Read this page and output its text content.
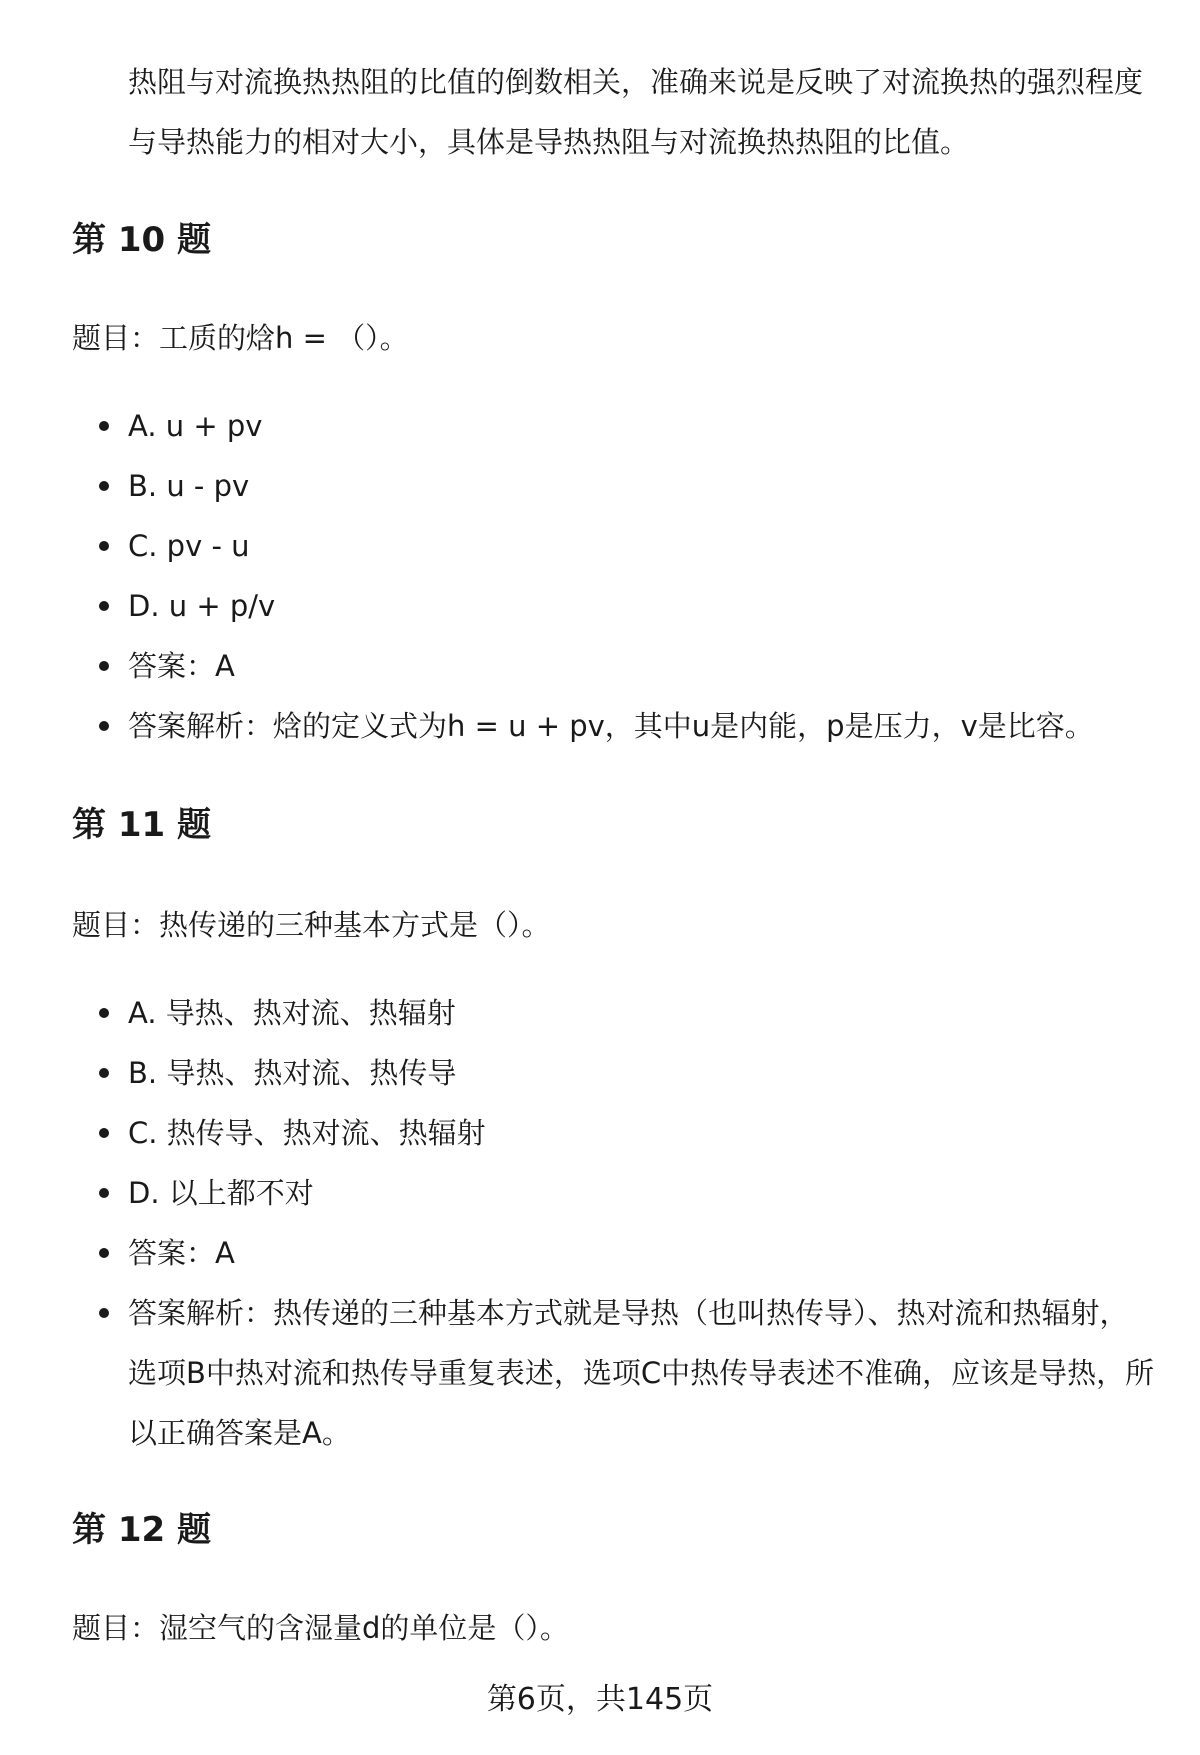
热阻与对流换热热阻的比值的倒数相关，准确来说是反映了对流换热的强烈程度与导热能力的相对大小，具体是导热热阻与对流换热热阻的比值。

第 10 题

题目：工质的焓h = （）。

A. u + pv
B. u - pv
C. pv - u
D. u + p/v
答案：A
答案解析：焓的定义式为h = u + pv，其中u是内能，p是压力，v是比容。
第 11 题

题目：热传递的三种基本方式是（）。

A. 导热、热对流、热辐射
B. 导热、热对流、热传导
C. 热传导、热对流、热辐射
D. 以上都不对
答案：A
答案解析：热传递的三种基本方式就是导热（也叫热传导）、热对流和热辐射，选项B中热对流和热传导重复表述，选项C中热传导表述不准确，应该是导热，所以正确答案是A。
第 12 题

题目：湿空气的含湿量d的单位是（）。

第6页，共145页
